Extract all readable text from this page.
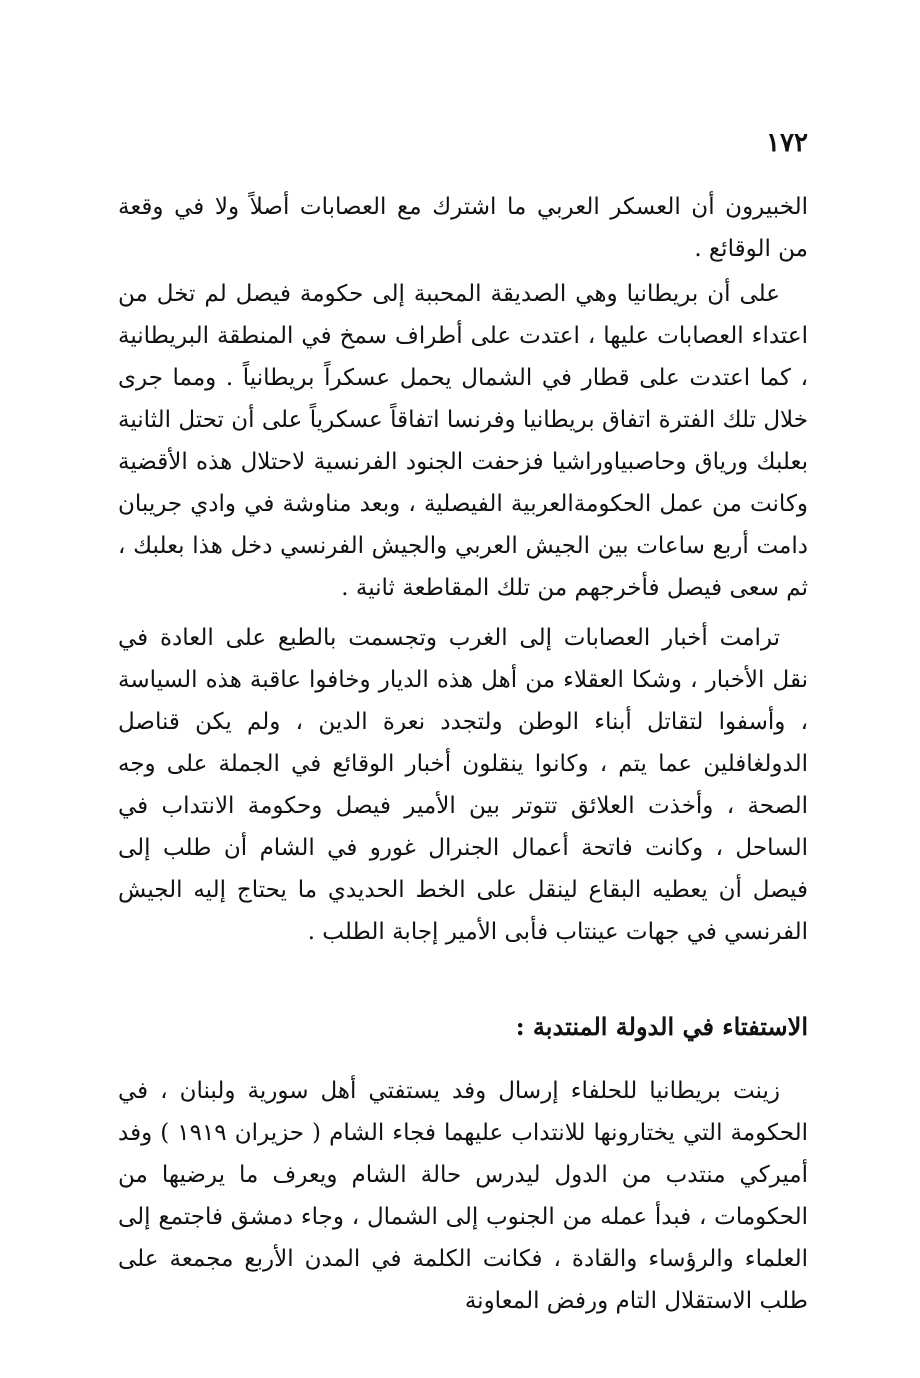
١٧٢

الخبيرون أن العسكر العربي ما اشترك مع العصابات أصلاً ولا في وقعة من الوقائع .

على أن بريطانيا وهي الصديقة المحببة إلى حكومة فيصل لم تخل من اعتداء العصابات عليها ، اعتدت على أطراف سمخ في المنطقة البريطانية ، كما اعتدت على قطار في الشمال يحمل عسكراً بريطانياً . ومما جرى خلال تلك الفترة اتفاق بريطانيا وفرنسا اتفاقاً عسكرياً على أن تحتل الثانية بعلبك ورياق وحاصبياوراشيا فزحفت الجنود الفرنسية لاحتلال هذه الأقضية وكانت من عمل الحكومةالعربية الفيصلية ، وبعد مناوشة في وادي جريبان دامت أربع ساعات بين الجيش العربي والجيش الفرنسي دخل هذا بعلبك ، ثم سعى فيصل فأخرجهم من تلك المقاطعة ثانية .

ترامت أخبار العصابات إلى الغرب وتجسمت بالطبع على العادة في نقل الأخبار ، وشكا العقلاء من أهل هذه الديار وخافوا عاقبة هذه السياسة ، وأسفوا لتقاتل أبناء الوطن ولتجدد نعرة الدين ، ولم يكن قناصل الدولغافلين عما يتم ، وكانوا ينقلون أخبار الوقائع في الجملة على وجه الصحة ، وأخذت العلائق تتوتر بين الأمير فيصل وحكومة الانتداب في الساحل ، وكانت فاتحة أعمال الجنرال غورو في الشام أن طلب إلى فيصل أن يعطيه البقاع لينقل على الخط الحديدي ما يحتاج إليه الجيش الفرنسي في جهات عينتاب فأبى الأمير إجابة الطلب .

الاستفتاء في الدولة المنتدبة :

زينت بريطانيا للحلفاء إرسال وفد يستفتي أهل سورية ولبنان ، في الحكومة التي يختارونها للانتداب عليهما فجاء الشام ( حزيران ١٩١٩ ) وفد أميركي منتدب من الدول ليدرس حالة الشام ويعرف ما يرضيها من الحكومات ، فبدأ عمله من الجنوب إلى الشمال ، وجاء دمشق فاجتمع إلى العلماء والرؤساء والقادة ، فكانت الكلمة في المدن الأربع مجمعة على طلب الاستقلال التام ورفض المعاونة
